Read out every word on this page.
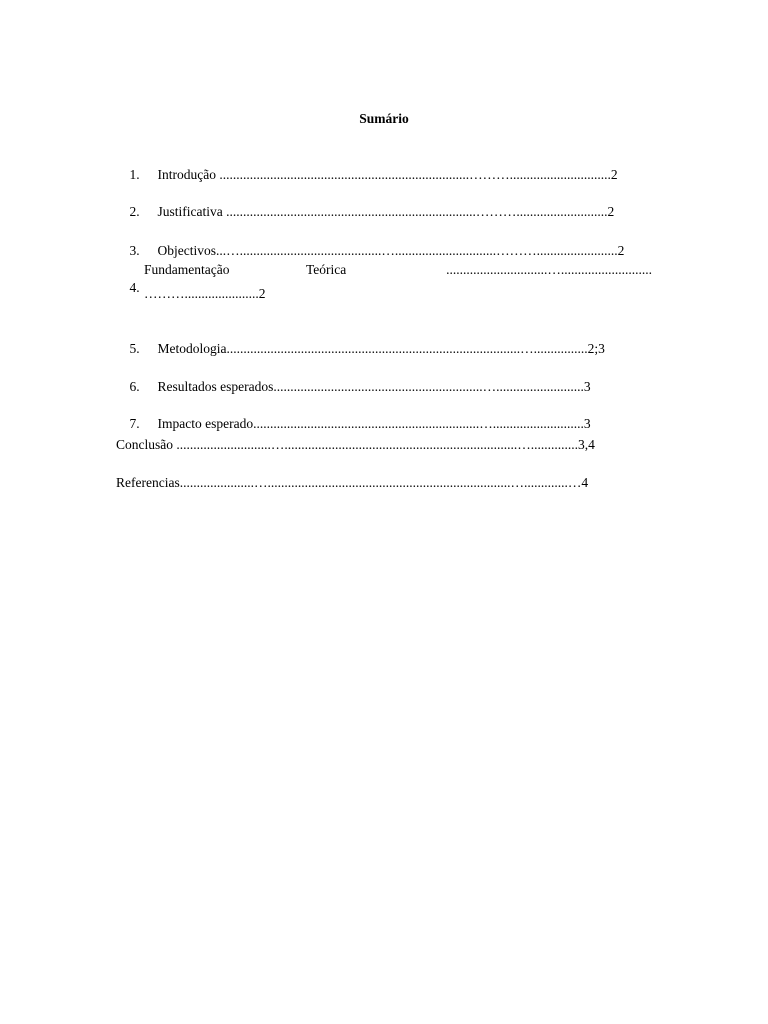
Sumário

1. Introdução ..........................................................................………..............................2

2. Justificativa ..........................................................................………...........................2

3. Objectivos...…..........................................…..............................………........................2

4.

Fundamentação

	Teórica

	..............................…...........................

………......................2

5. Metodologia.......................................................................................…................2;3

6. Resultados esperados..............................................................…..........................3

7. Impacto esperado...................................................................…...........................3

Conclusão ............................….....................................................................…..............3,4
Referencias......................…........................................................................….............…4
